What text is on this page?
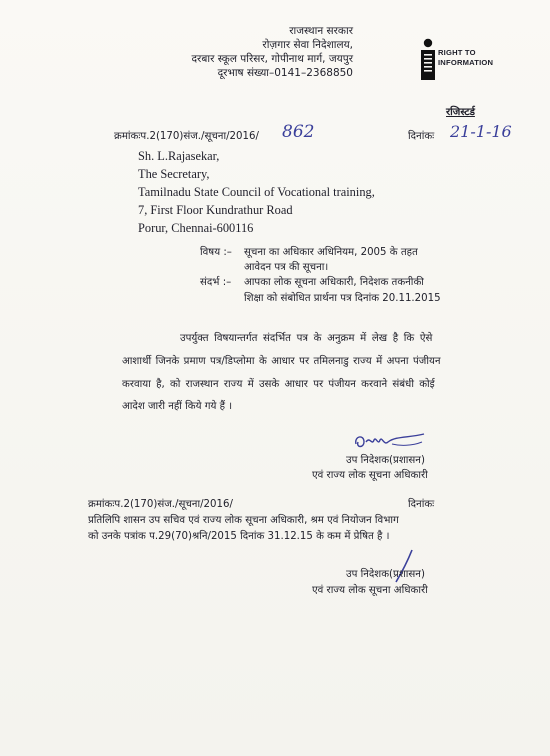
राजस्थान सरकार
रोज़गार सेवा निदेशालय,
दरबार स्कूल परिसर, गोपीनाथ मार्ग, जयपुर
दूरभाष संख्या–0141–2368850
RIGHT TO
INFORMATION
रजिस्टर्ड
क्रमांकःप.2(170)संज./सूचना/2016/ 862	दिनांकः 21-1-16
Sh. L.Rajasekar,
The Secretary,
Tamilnadu State Council of Vocational training,
7, First Floor Kundrathur Road
Porur, Chennai-600116
विषय :– सूचना का अधिकार अधिनियम, 2005 के तहत
आवेदन पत्र की सूचना।
संदर्भ :– आपका लोक सूचना अधिकारी, निदेशक तकनीकी
शिक्षा को संबोधित प्रार्थना पत्र दिनांक 20.11.2015
उपर्युक्त विषयान्तर्गत संदर्भित पत्र के अनुक्रम में लेख है कि ऐसे
आशार्थी जिनके प्रमाण पत्र/डिप्लोमा के आधार पर तमिलनाडु राज्य में अपना पंजीयन
करवाया है, को राजस्थान राज्य में उसके आधार पर पंजीयन करवाने संबंधी कोई
आदेश जारी नहीं किये गये हैं ।
उप निदेशक(प्रशासन)
एवं राज्य लोक सूचना अधिकारी
क्रमांकःप.2(170)संज./सूचना/2016/	दिनांकः
प्रतिलिपि शासन उप सचिव एवं राज्य लोक सूचना अधिकारी, श्रम एवं नियोजन विभाग
को उनके पत्रांक प.29(70)श्रनि/2015 दिनांक 31.12.15 के कम में प्रेषित है ।
उप निदेशक(प्रशासन)
एवं राज्य लोक सूचना अधिकारी
